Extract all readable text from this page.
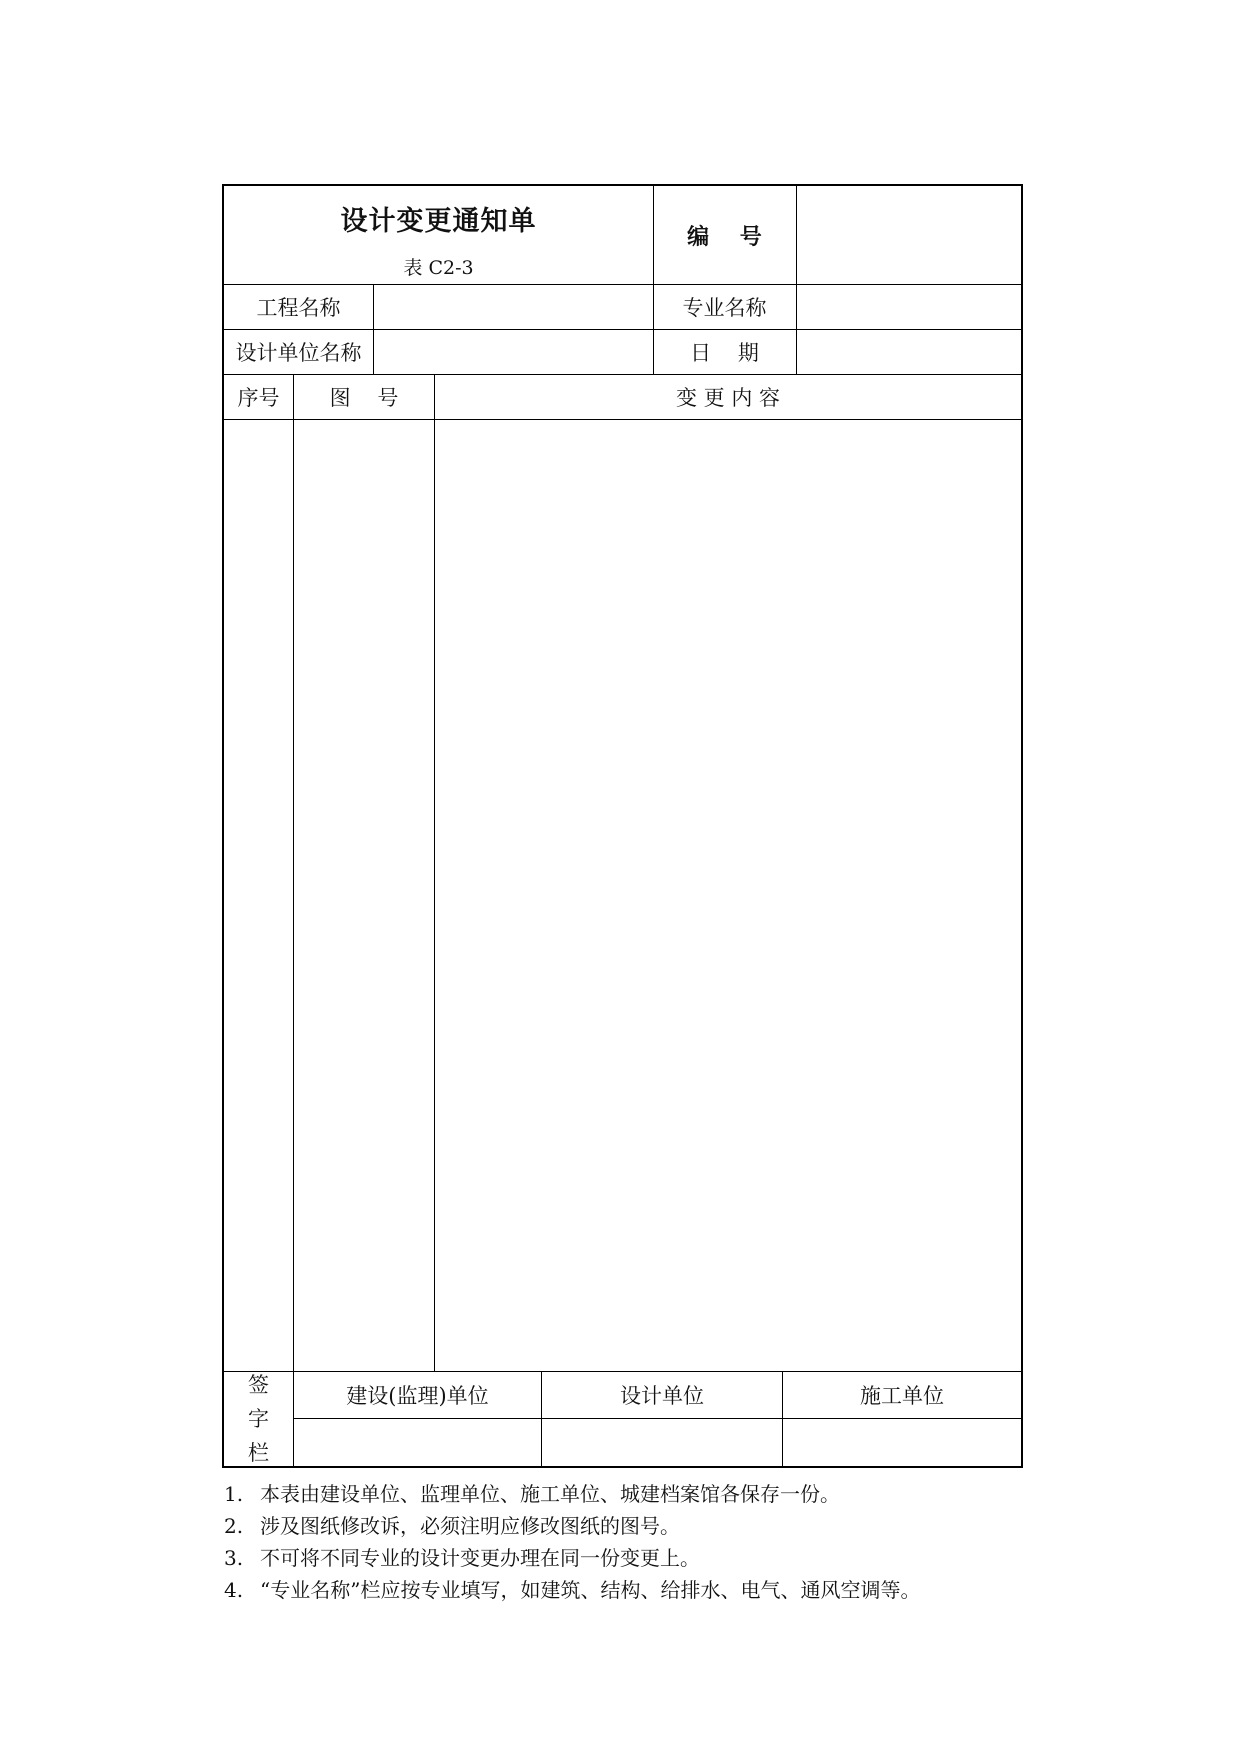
设计变更通知单
表 C2-3
编    号
工程名称	专业名称
设计单位名称	日    期
序号	图    号	变 更 内 容
签
字
栏
建设(监理)单位	设计单位	施工单位
1. 本表由建设单位、监理单位、施工单位、城建档案馆各保存一份。
2. 涉及图纸修改诉，必须注明应修改图纸的图号。
3. 不可将不同专业的设计变更办理在同一份变更上。
4. “专业名称”栏应按专业填写，如建筑、结构、给排水、电气、通风空调等。
